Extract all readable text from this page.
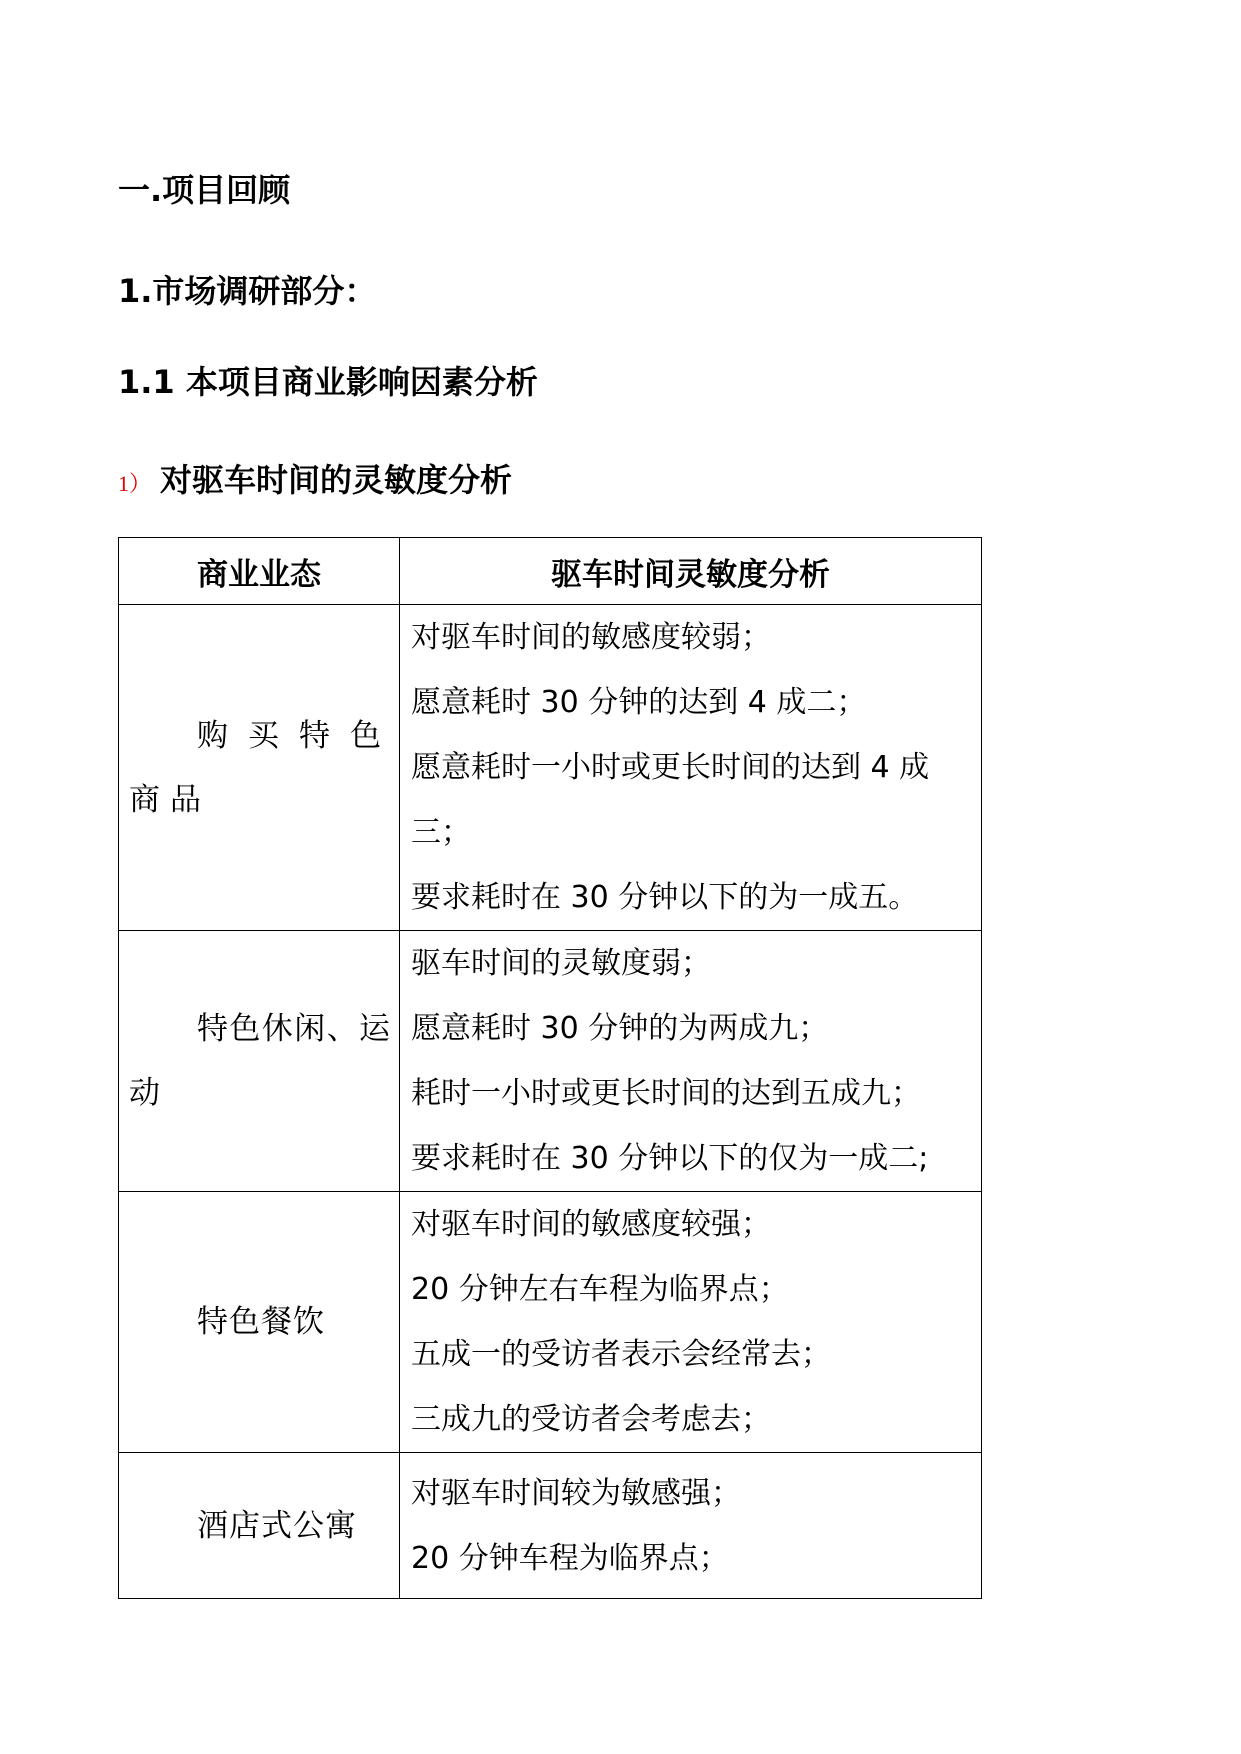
一.项目回顾
1.市场调研部分：
1.1 本项目商业影响因素分析
1） 对驱车时间的灵敏度分析
商业业态	驱车时间灵敏度分析

购买特色商品	对驱车时间的敏感度较弱；
愿意耗时 30 分钟的达到 4 成二；
愿意耗时一小时或更长时间的达到 4 成三；
要求耗时在 30 分钟以下的为一成五。

特色休闲、运动	驱车时间的灵敏度弱；
愿意耗时 30 分钟的为两成九；
耗时一小时或更长时间的达到五成九；
要求耗时在 30 分钟以下的仅为一成二;

特色餐饮	对驱车时间的敏感度较强；
20 分钟左右车程为临界点；
五成一的受访者表示会经常去；
三成九的受访者会考虑去；

酒店式公寓	对驱车时间较为敏感强；
20 分钟车程为临界点；
